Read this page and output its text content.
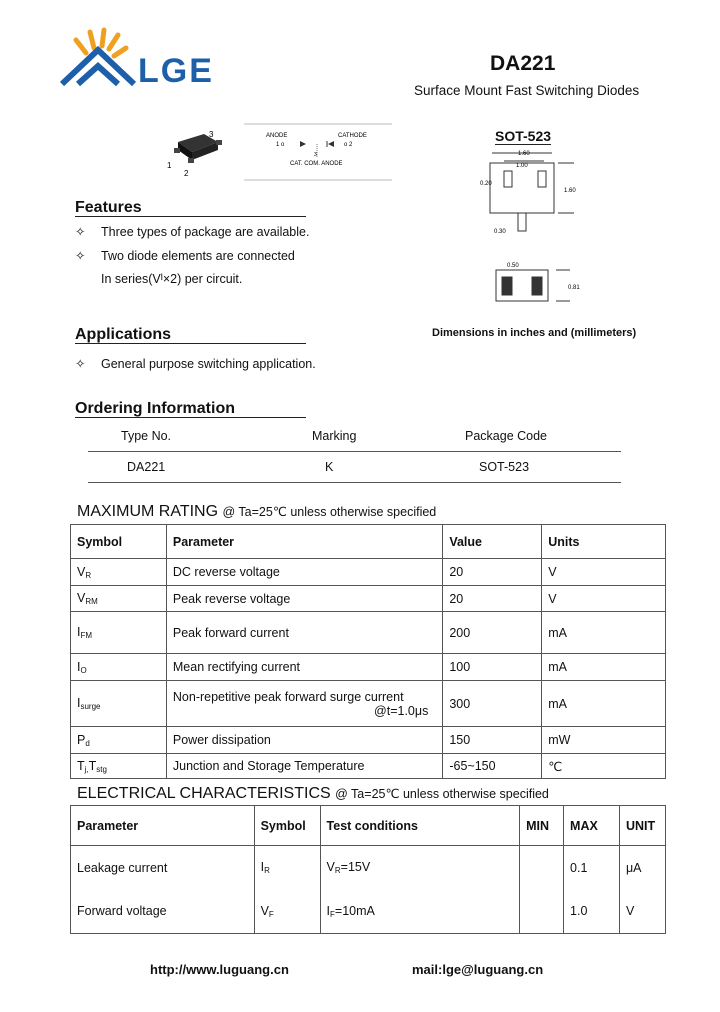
LGE	DA221
Surface Mount Fast Switching Diodes
3
1
2
ANODE
1 o
CATHODE
o 2
3
CAT. COM. ANODE
SOT-523
1.60
1.00
1.60
0.20
0.30
0.50
0.81
Dimensions in inches and (millimeters)
Features
✧ Three types of package are available.
✧ Two diode elements are connected
In series(Vᴵ×2) per circuit.
Applications
✧ General purpose switching application.
Ordering Information
Type No.	Marking	Package Code
DA221	K	SOT-523
MAXIMUM RATING @ Ta=25℃ unless otherwise specified
Symbol	Parameter	Value	Units
$V_R$	DC reverse voltage	20	V
$V_{RM}$	Peak reverse voltage	20	V
$I_{FM}$	Peak forward current	200	mA
$I_O$	Mean rectifying current	100	mA
$I_{surge}$	Non-repetitive peak forward surge current
@t=1.0μs	300	mA
$P_d$	Power dissipation	150	mW
$T_{j,}T_{stg}$	Junction and Storage Temperature	-65~150	℃
ELECTRICAL CHARACTERISTICS @ Ta=25℃ unless otherwise specified
Parameter	Symbol	Test conditions	MIN	MAX	UNIT
Leakage current	$I_R$	$V_R=15V$		0.1	μA
Forward voltage	$V_F$	$I_F=10mA$		1.0	V
http://www.luguang.cn	mail:lge@luguang.cn
